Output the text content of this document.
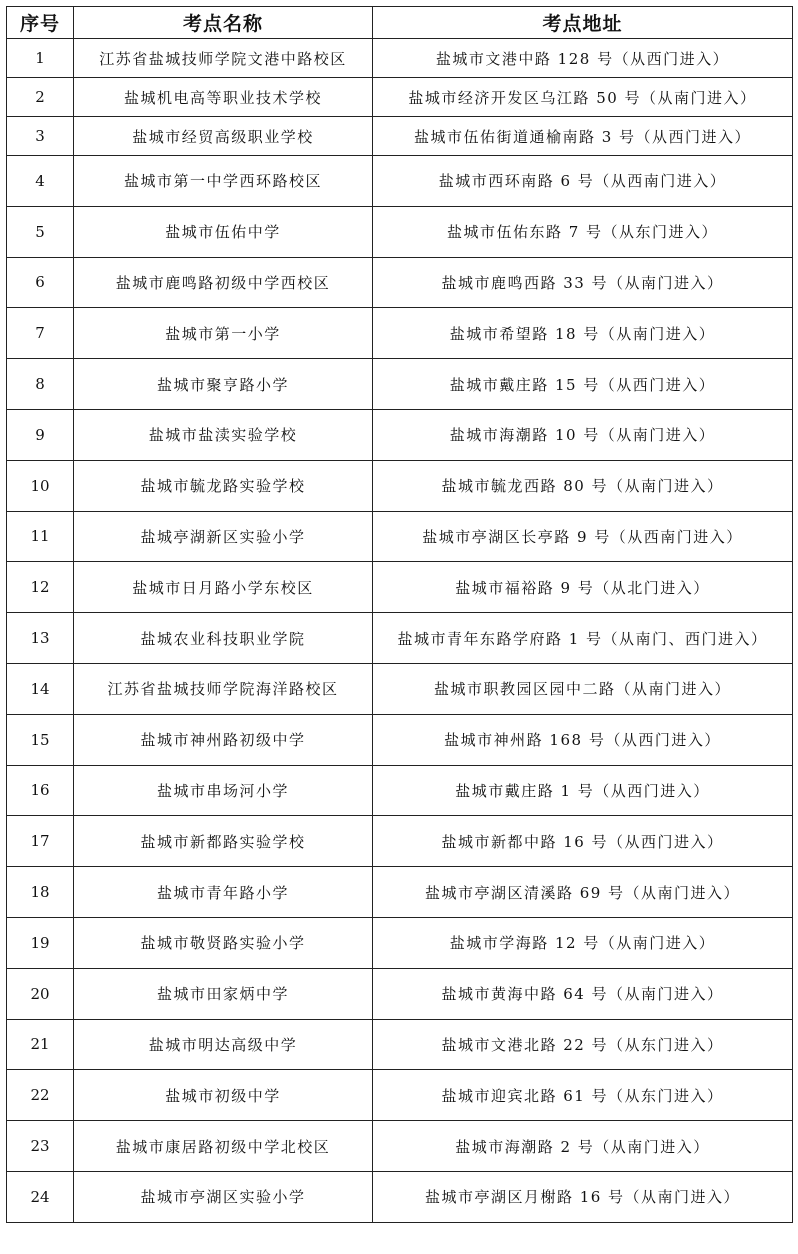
序号	考点名称	考点地址
1	江苏省盐城技师学院文港中路校区	盐城市文港中路 128 号（从西门进入）
2	盐城机电高等职业技术学校	盐城市经济开发区乌江路 50 号（从南门进入）
3	盐城市经贸高级职业学校	盐城市伍佑街道通榆南路 3 号（从西门进入）
4	盐城市第一中学西环路校区	盐城市西环南路 6 号（从西南门进入）
5	盐城市伍佑中学	盐城市伍佑东路 7 号（从东门进入）
6	盐城市鹿鸣路初级中学西校区	盐城市鹿鸣西路 33 号（从南门进入）
7	盐城市第一小学	盐城市希望路 18 号（从南门进入）
8	盐城市聚亨路小学	盐城市戴庄路 15 号（从西门进入）
9	盐城市盐渎实验学校	盐城市海潮路 10 号（从南门进入）
10	盐城市毓龙路实验学校	盐城市毓龙西路 80 号（从南门进入）
11	盐城亭湖新区实验小学	盐城市亭湖区长亭路 9 号（从西南门进入）
12	盐城市日月路小学东校区	盐城市福裕路 9 号（从北门进入）
13	盐城农业科技职业学院	盐城市青年东路学府路 1 号（从南门、西门进入）
14	江苏省盐城技师学院海洋路校区	盐城市职教园区园中二路（从南门进入）
15	盐城市神州路初级中学	盐城市神州路 168 号（从西门进入）
16	盐城市串场河小学	盐城市戴庄路 1 号（从西门进入）
17	盐城市新都路实验学校	盐城市新都中路 16 号（从西门进入）
18	盐城市青年路小学	盐城市亭湖区清溪路 69 号（从南门进入）
19	盐城市敬贤路实验小学	盐城市学海路 12 号（从南门进入）
20	盐城市田家炳中学	盐城市黄海中路 64 号（从南门进入）
21	盐城市明达高级中学	盐城市文港北路 22 号（从东门进入）
22	盐城市初级中学	盐城市迎宾北路 61 号（从东门进入）
23	盐城市康居路初级中学北校区	盐城市海潮路 2 号（从南门进入）
24	盐城市亭湖区实验小学	盐城市亭湖区月榭路 16 号（从南门进入）
